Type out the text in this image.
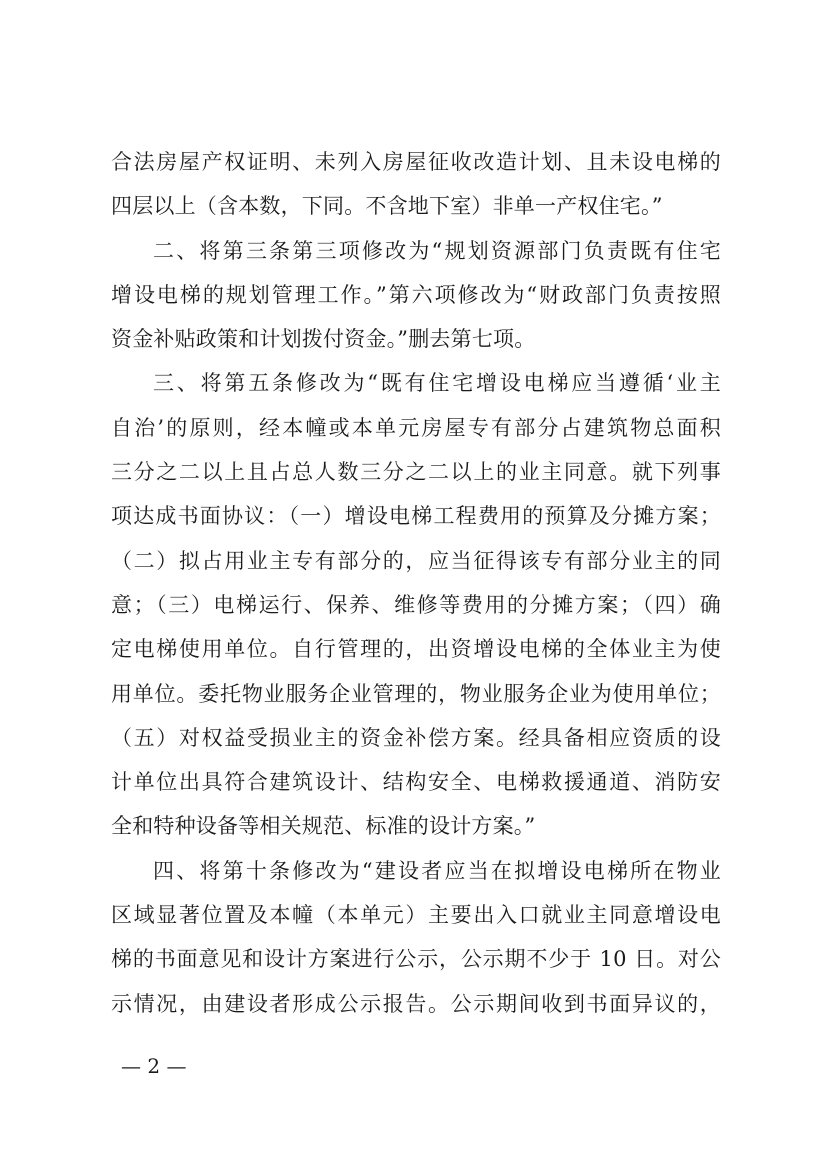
合法房屋产权证明、未列入房屋征收改造计划、且未设电梯的
四层以上（含本数，下同。不含地下室）非单一产权住宅。”
二、将第三条第三项修改为“规划资源部门负责既有住宅
增设电梯的规划管理工作。”第六项修改为“财政部门负责按照
资金补贴政策和计划拨付资金。”删去第七项。
三、将第五条修改为“既有住宅增设电梯应当遵循‘业主
自治’的原则，经本幢或本单元房屋专有部分占建筑物总面积
三分之二以上且占总人数三分之二以上的业主同意。就下列事
项达成书面协议：（一）增设电梯工程费用的预算及分摊方案；
（二）拟占用业主专有部分的，应当征得该专有部分业主的同
意；（三）电梯运行、保养、维修等费用的分摊方案；（四）确
定电梯使用单位。自行管理的，出资增设电梯的全体业主为使
用单位。委托物业服务企业管理的，物业服务企业为使用单位；
（五）对权益受损业主的资金补偿方案。经具备相应资质的设
计单位出具符合建筑设计、结构安全、电梯救援通道、消防安
全和特种设备等相关规范、标准的设计方案。”
四、将第十条修改为“建设者应当在拟增设电梯所在物业
区域显著位置及本幢（本单元）主要出入口就业主同意增设电
梯的书面意见和设计方案进行公示，公示期不少于 10 日。对公
示情况，由建设者形成公示报告。公示期间收到书面异议的，
— 2 —
